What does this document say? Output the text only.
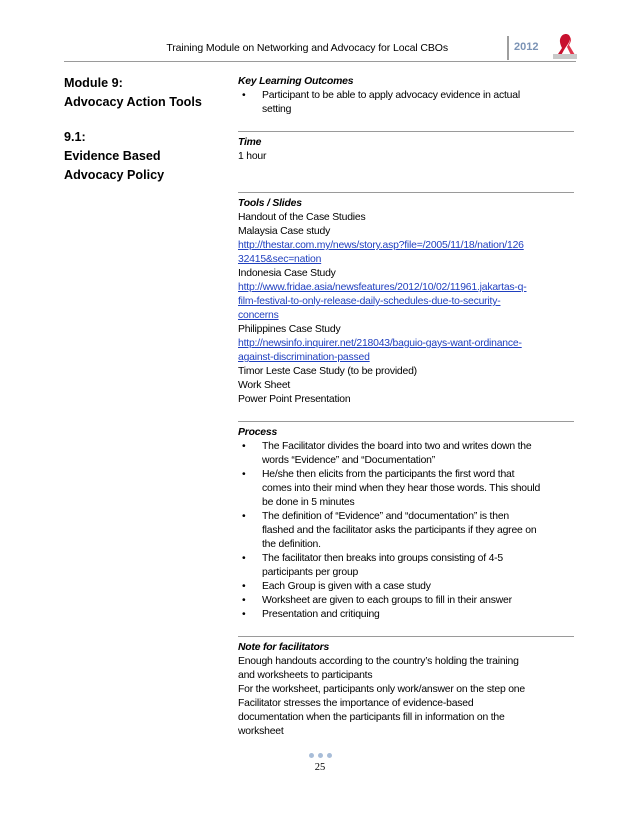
Training Module on Networking and Advocacy for Local CBOs	2012
Module 9:
Advocacy Action Tools
9.1:
Evidence Based
Advocacy Policy
Key Learning Outcomes
• Participant to be able to apply advocacy evidence in actual
setting
Time
1 hour
Tools / Slides
Handout of the Case Studies
Malaysia Case study
http://thestar.com.my/news/story.asp?file=/2005/11/18/nation/126
32415&sec=nation
Indonesia Case Study
http://www.fridae.asia/newsfeatures/2012/10/02/11961.jakartas-q-
film-festival-to-only-release-daily-schedules-due-to-security-
concerns
Philippines Case Study
http://newsinfo.inquirer.net/218043/baguio-gays-want-ordinance-
against-discrimination-passed
Timor Leste Case Study (to be provided)
Work Sheet
Power Point Presentation
Process
• The Facilitator divides the board into two and writes down the
words “Evidence” and “Documentation”
• He/she then elicits from the participants the first word that
comes into their mind when they hear those words. This should
be done in 5 minutes
• The definition of “Evidence” and “documentation” is then
flashed and the facilitator asks the participants if they agree on
the definition.
• The facilitator then breaks into groups consisting of 4-5
participants per group
• Each Group is given with a case study
• Worksheet are given to each groups to fill in their answer
• Presentation and critiquing
Note for facilitators
Enough handouts according to the country’s holding the training
and worksheets to participants
For the worksheet, participants only work/answer on the step one
Facilitator stresses the importance of evidence-based
documentation when the participants fill in information on the
worksheet
25
